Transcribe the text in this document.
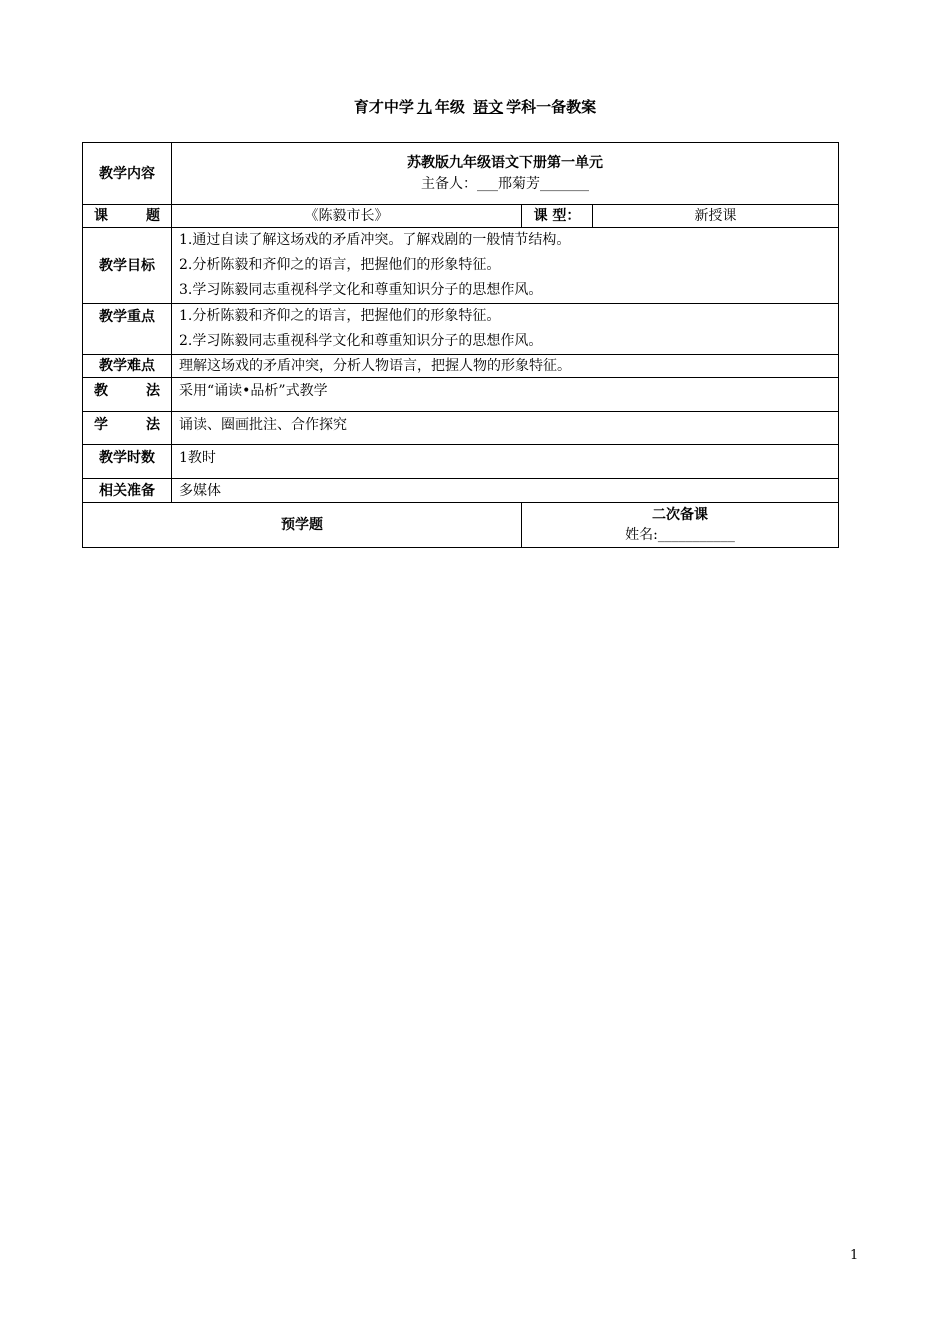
育才中学 九 年级 语文 学科一备教案
教学内容	苏教版九年级语文下册第一单元
主备人：___邢菊芳_______		

课 题	《陈毅市长》	课 型：	新授课
教学目标	1.通过自读了解这场戏的矛盾冲突。了解戏剧的一般情节结构。
2.分析陈毅和齐仰之的语言，把握他们的形象特征。
3.学习陈毅同志重视科学文化和尊重知识分子的思想作风。		

教学重点	1.分析陈毅和齐仰之的语言，把握他们的形象特征。
2.学习陈毅同志重视科学文化和尊重知识分子的思想作风。		

教学难点	理解这场戏的矛盾冲突，分析人物语言，把握人物的形象特征。		

教 法	采用“诵读•品析”式教学		

学 法	诵读、圈画批注、合作探究		
教学时数	1教时		
相关准备	多媒体		
预学题		二次备课
姓名:___________	
1
